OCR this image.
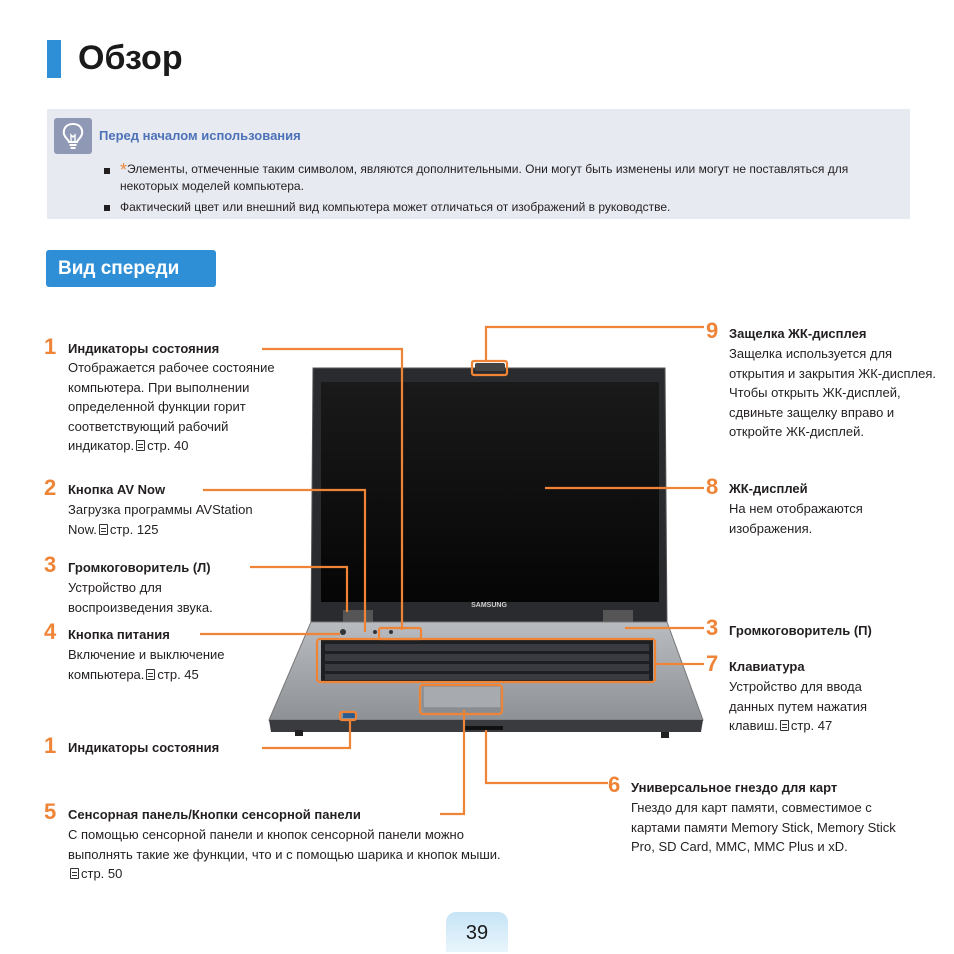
Обзор
Перед началом использования
*Элементы, отмеченные таким символом, являются дополнительными. Они могут быть изменены или могут не поставляться для некоторых моделей компьютера.
Фактический цвет или внешний вид компьютера может отличаться от изображений в руководстве.
Вид спереди
SAMSUNG
1 Индикаторы состояния
Отображается рабочее состояние компьютера. При выполнении определенной функции горит соответствующий рабочий индикатор. стр. 40
2 Кнопка AV Now
Загрузка программы AVStation Now. стр. 125
3 Громкоговоритель (Л)
Устройство для воспроизведения звука.
4 Кнопка питания
Включение и выключение компьютера. стр. 45
1 Индикаторы состояния
5 Сенсорная панель/Кнопки сенсорной панели
С помощью сенсорной панели и кнопок сенсорной панели можно выполнять такие же функции, что и с помощью шарика и кнопок мыши.стр. 50
9 Защелка ЖК-дисплея
Защелка используется для открытия и закрытия ЖК-дисплея. Чтобы открыть ЖК-дисплей, сдвиньте защелку вправо и откройте ЖК-дисплей.
8 ЖК-дисплей
На нем отображаются изображения.
3 Громкоговоритель (П)
7 Клавиатура
Устройство для ввода данных путем нажатия клавиш. стр. 47
6 Универсальное гнездо для карт
Гнездо для карт памяти, совместимое с картами памяти Memory Stick, Memory Stick Pro, SD Card, MMC, MMC Plus и xD.
39
